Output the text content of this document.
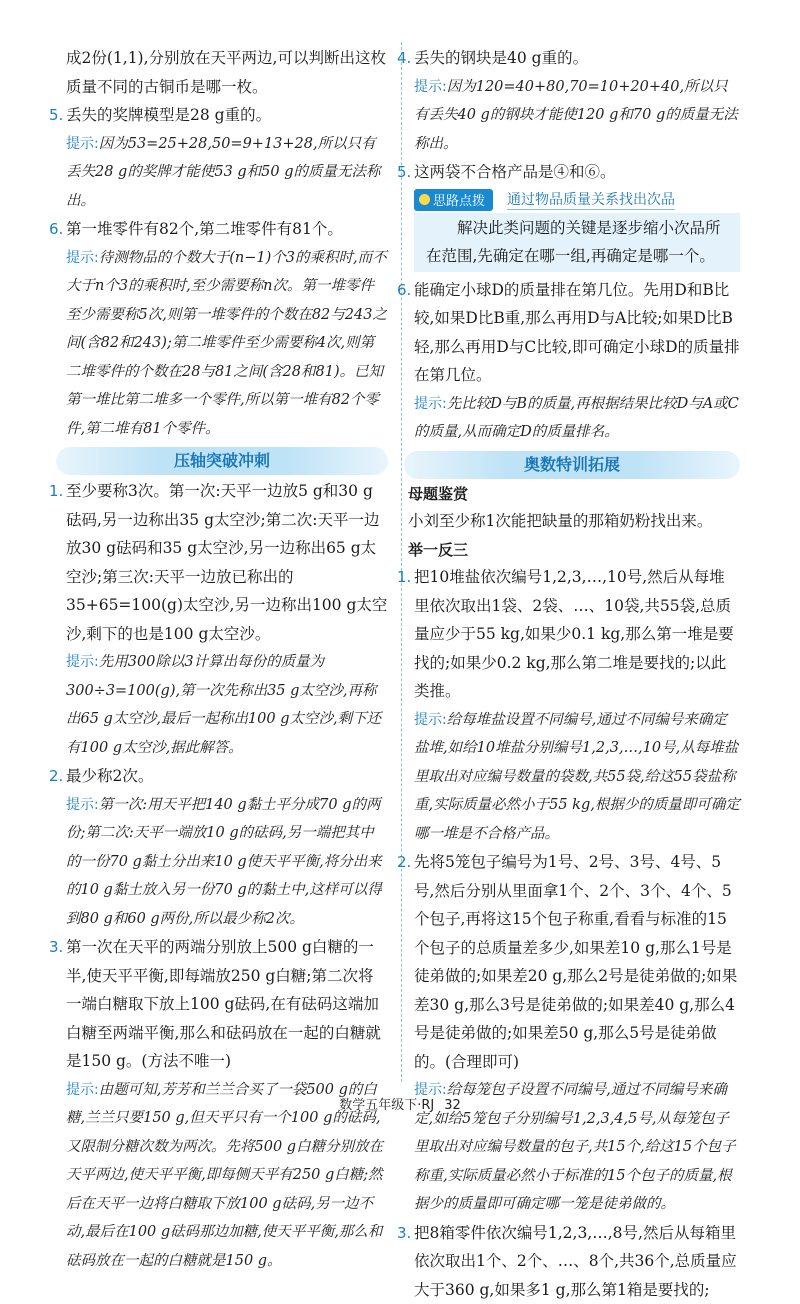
成2份(1,1),分别放在天平两边,可以判断出这枚质量不同的古铜币是哪一枚。

5. 丢失的奖牌模型是28 g重的。

提示:因为53=25+28,50=9+13+28,所以只有丢失28 g的奖牌才能使53 g和50 g的质量无法称出。

6. 第一堆零件有82个,第二堆零件有81个。

提示:待测物品的个数大于(n−1)个3的乘积时,而不大于n个3的乘积时,至少需要称n次。第一堆零件至少需要称5次,则第一堆零件的个数在82与243之间(含82和243);第二堆零件至少需要称4次,则第二堆零件的个数在28与81之间(含28和81)。已知第一堆比第二堆多一个零件,所以第一堆有82个零件,第二堆有81个零件。

压轴突破冲刺

1. 至少要称3次。第一次:天平一边放5 g和30 g砝码,另一边称出35 g太空沙;第二次:天平一边放30 g砝码和35 g太空沙,另一边称出65 g太空沙;第三次:天平一边放已称出的35+65=100(g)太空沙,另一边称出100 g太空沙,剩下的也是100 g太空沙。

提示:先用300除以3计算出每份的质量为300÷3=100(g),第一次先称出35 g太空沙,再称出65 g太空沙,最后一起称出100 g太空沙,剩下还有100 g太空沙,据此解答。

2. 最少称2次。

提示:第一次:用天平把140 g黏土平分成70 g的两份;第二次:天平一端放10 g的砝码,另一端把其中的一份70 g黏土分出来10 g使天平平衡,将分出来的10 g黏土放入另一份70 g的黏土中,这样可以得到80 g和60 g两份,所以最少称2次。

3. 第一次在天平的两端分别放上500 g白糖的一半,使天平平衡,即每端放250 g白糖;第二次将一端白糖取下放上100 g砝码,在有砝码这端加白糖至两端平衡,那么和砝码放在一起的白糖就是150 g。(方法不唯一)

提示:由题可知,芳芳和兰兰合买了一袋500 g的白糖,兰兰只要150 g,但天平只有一个100 g的砝码,又限制分糖次数为两次。先将500 g白糖分别放在天平两边,使天平平衡,即每侧天平有250 g白糖;然后在天平一边将白糖取下放100 g砝码,另一边不动,最后在100 g砝码那边加糖,使天平平衡,那么和砝码放在一起的白糖就是150 g。

4. 丢失的钢块是40 g重的。

提示:因为120=40+80,70=10+20+40,所以只有丢失40 g的钢块才能使120 g和70 g的质量无法称出。

5. 这两袋不合格产品是④和⑥。

思路点拨 通过物品质量关系找出次品
解决此类问题的关键是逐步缩小次品所在范围,先确定在哪一组,再确定是哪一个。

6. 能确定小球D的质量排在第几位。先用D和B比较,如果D比B重,那么再用D与A比较;如果D比B轻,那么再用D与C比较,即可确定小球D的质量排在第几位。

提示:先比较D与B的质量,再根据结果比较D与A或C的质量,从而确定D的质量排名。

奥数特训拓展
母题鉴赏

小刘至少称1次能把缺量的那箱奶粉找出来。

举一反三

1. 把10堆盐依次编号1,2,3,…,10号,然后从每堆里依次取出1袋、2袋、…、10袋,共55袋,总质量应少于55 kg,如果少0.1 kg,那么第一堆是要找的;如果少0.2 kg,那么第二堆是要找的;以此类推。

提示:给每堆盐设置不同编号,通过不同编号来确定盐堆,如给10堆盐分别编号1,2,3,…,10号,从每堆盐里取出对应编号数量的袋数,共55袋,给这55袋盐称重,实际质量必然小于55 kg,根据少的质量即可确定哪一堆是不合格产品。

2. 先将5笼包子编号为1号、2号、3号、4号、5号,然后分别从里面拿1个、2个、3个、4个、5个包子,再将这15个包子称重,看看与标准的15个包子的总质量差多少,如果差10 g,那么1号是徒弟做的;如果差20 g,那么2号是徒弟做的;如果差30 g,那么3号是徒弟做的;如果差40 g,那么4号是徒弟做的;如果差50 g,那么5号是徒弟做的。(合理即可)

提示:给每笼包子设置不同编号,通过不同编号来确定,如给5笼包子分别编号1,2,3,4,5号,从每笼包子里取出对应编号数量的包子,共15个,给这15个包子称重,实际质量必然小于标准的15个包子的质量,根据少的质量即可确定哪一笼是徒弟做的。

3. 把8箱零件依次编号1,2,3,…,8号,然后从每箱里依次取出1个、2个、…、8个,共36个,总质量应大于360 g,如果多1 g,那么第1箱是要找的;

数学五年级下·RJ 32
